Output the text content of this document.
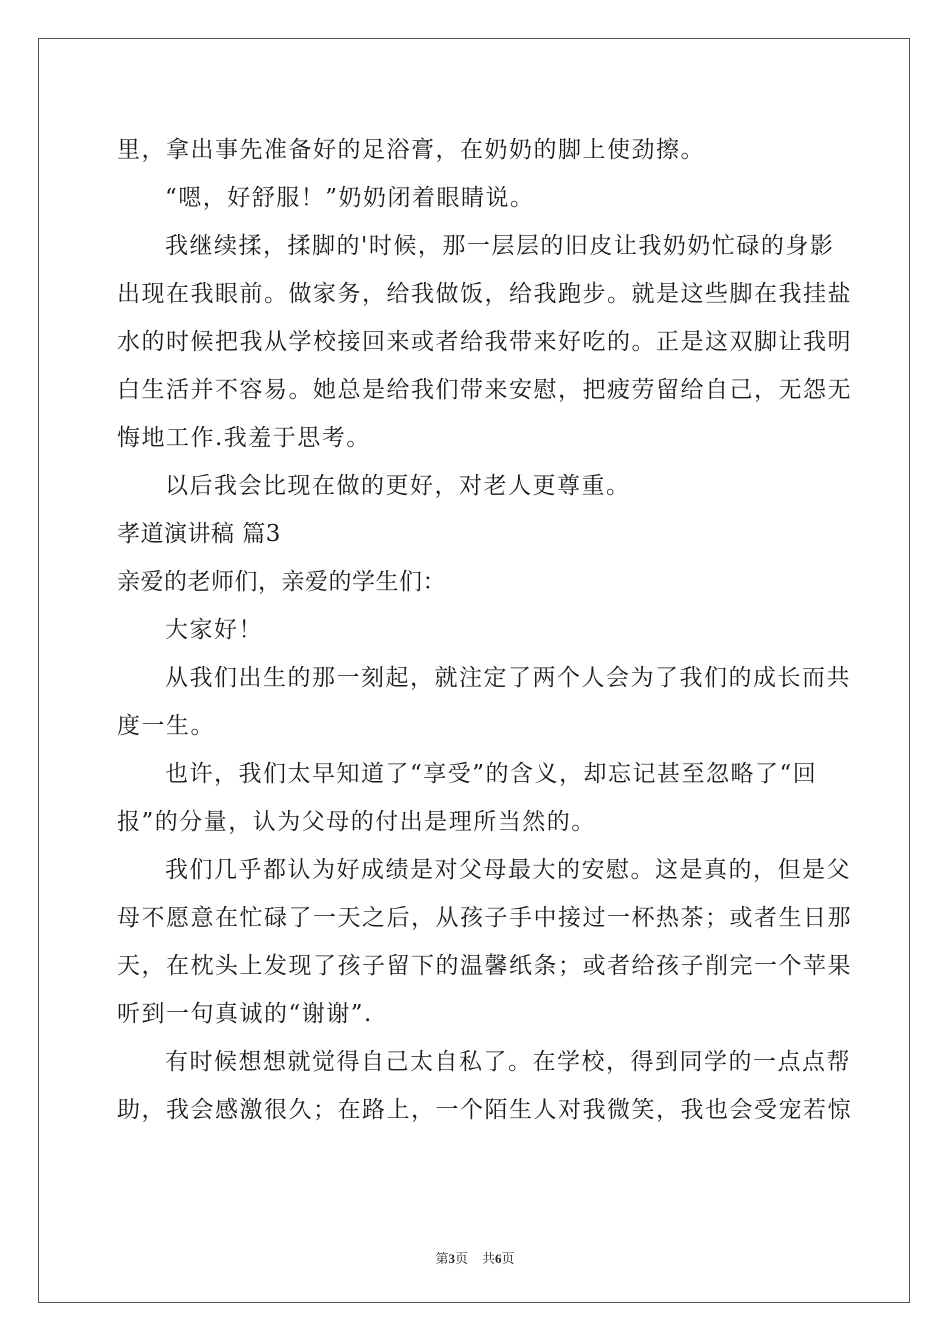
里，拿出事先准备好的足浴膏，在奶奶的脚上使劲擦。
“嗯，好舒服！”奶奶闭着眼睛说。
我继续揉，揉脚的'时候，那一层层的旧皮让我奶奶忙碌的身影
出现在我眼前。做家务，给我做饭，给我跑步。就是这些脚在我挂盐
水的时候把我从学校接回来或者给我带来好吃的。正是这双脚让我明
白生活并不容易。她总是给我们带来安慰，把疲劳留给自己，无怨无
悔地工作.我羞于思考。
以后我会比现在做的更好，对老人更尊重。
孝道演讲稿 篇3
亲爱的老师们，亲爱的学生们：
大家好！
从我们出生的那一刻起，就注定了两个人会为了我们的成长而共
度一生。
也许，我们太早知道了“享受”的含义，却忘记甚至忽略了“回
报”的分量，认为父母的付出是理所当然的。
我们几乎都认为好成绩是对父母最大的安慰。这是真的，但是父
母不愿意在忙碌了一天之后，从孩子手中接过一杯热茶；或者生日那
天，在枕头上发现了孩子留下的温馨纸条；或者给孩子削完一个苹果
听到一句真诚的“谢谢”.
有时候想想就觉得自己太自私了。在学校，得到同学的一点点帮
助，我会感激很久；在路上，一个陌生人对我微笑，我也会受宠若惊
第3页 共6页
